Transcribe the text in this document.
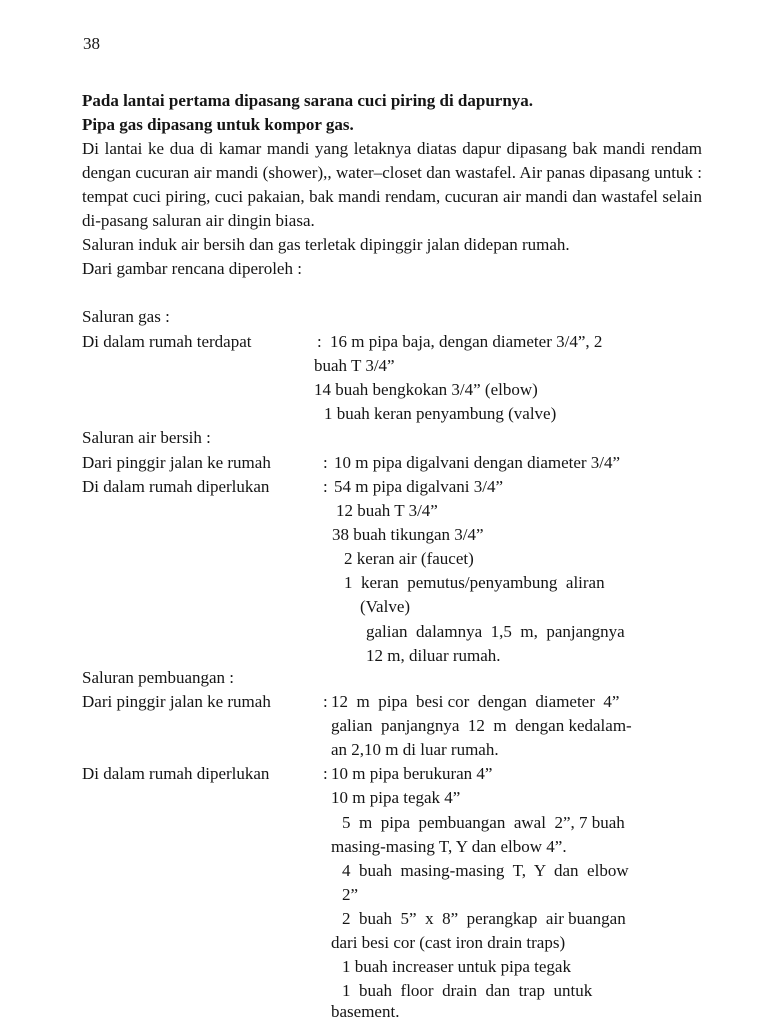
38

Pada lantai pertama dipasang sarana cuci piring di dapurnya.

Pipa gas dipasang untuk kompor gas.

Di lantai ke dua di kamar mandi yang letaknya diatas dapur dipasang bak mandi rendam dengan cucuran air mandi (shower),, water–closet dan wastafel. Air panas dipasang untuk : tempat cuci piring, cuci pakaian, bak mandi rendam, cucuran air mandi dan wastafel selain di-pasang saluran air dingin biasa.

Saluran induk air bersih dan gas terletak dipinggir jalan didepan rumah.

Dari gambar rencana diperoleh :

Saluran gas :
Di dalam rumah terdapat	: 16 m pipa baja, dengan diameter 3/4”, 2
buah T 3/4”
14 buah bengkokan 3/4” (elbow)
1 buah keran penyambung (valve)
Saluran air bersih :
Dari pinggir jalan ke rumah	: 10 m pipa digalvani dengan diameter 3/4”
Di dalam rumah diperlukan	: 54 m pipa digalvani 3/4”
12 buah T 3/4”
38 buah tikungan 3/4”
2 keran air (faucet)
1  keran  pemutus/penyambung  aliran
(Valve)
galian  dalamnya  1,5  m,  panjangnya
12 m, diluar rumah.
Saluran pembuangan :
Dari pinggir jalan ke rumah	: 12  m  pipa  besi cor  dengan  diameter  4”
galian  panjangnya  12  m  dengan kedalam-
an 2,10 m di luar rumah.
Di dalam rumah diperlukan	: 10 m pipa berukuran 4”
10 m pipa tegak 4”
5  m  pipa  pembuangan  awal  2”, 7 buah
masing-masing T, Y dan elbow 4”.
4  buah  masing-masing  T,  Y  dan  elbow
2”
2  buah  5”  x  8”  perangkap  air buangan
dari besi cor (cast iron drain traps)
1 buah increaser untuk pipa tegak
1  buah  floor  drain  dan  trap  untuk
basement.
